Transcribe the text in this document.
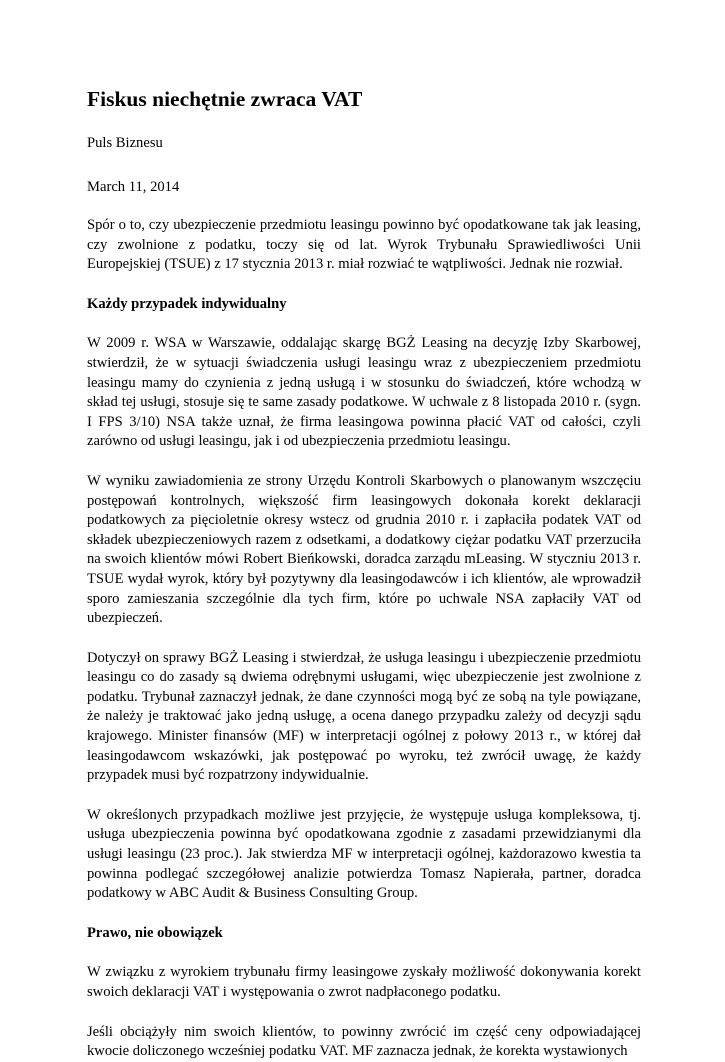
Fiskus niechętnie zwraca VAT

Puls Biznesu

March 11, 2014

Spór o to, czy ubezpieczenie przedmiotu leasingu powinno być opodatkowane tak jak leasing, czy zwolnione z podatku, toczy się od lat. Wyrok Trybunału Sprawiedliwości Unii Europejskiej (TSUE) z 17 stycznia 2013 r. miał rozwiać te wątpliwości. Jednak nie rozwiał.

Każdy przypadek indywidualny

W 2009 r. WSA w Warszawie, oddalając skargę BGŻ Leasing na decyzję Izby Skarbowej, stwierdził, że w sytuacji świadczenia usługi leasingu wraz z ubezpieczeniem przedmiotu leasingu mamy do czynienia z jedną usługą i w stosunku do świadczeń, które wchodzą w skład tej usługi, stosuje się te same zasady podatkowe. W uchwale z 8 listopada 2010 r. (sygn. I FPS 3/10) NSA także uznał, że firma leasingowa powinna płacić VAT od całości, czyli zarówno od usługi leasingu, jak i od ubezpieczenia przedmiotu leasingu.

W wyniku zawiadomienia ze strony Urzędu Kontroli Skarbowych o planowanym wszczęciu postępowań kontrolnych, większość firm leasingowych dokonała korekt deklaracji podatkowych za pięcioletnie okresy wstecz od grudnia 2010 r. i zapłaciła podatek VAT od składek ubezpieczeniowych razem z odsetkami, a dodatkowy ciężar podatku VAT przerzuciła na swoich klientów mówi Robert Bieńkowski, doradca zarządu mLeasing. W styczniu 2013 r. TSUE wydał wyrok, który był pozytywny dla leasingodawców i ich klientów, ale wprowadził sporo zamieszania szczególnie dla tych firm, które po uchwale NSA zapłaciły VAT od ubezpieczeń.

Dotyczył on sprawy BGŻ Leasing i stwierdzał, że usługa leasingu i ubezpieczenie przedmiotu leasingu co do zasady są dwiema odrębnymi usługami, więc ubezpieczenie jest zwolnione z podatku. Trybunał zaznaczył jednak, że dane czynności mogą być ze sobą na tyle powiązane, że należy je traktować jako jedną usługę, a ocena danego przypadku zależy od decyzji sądu krajowego. Minister finansów (MF) w interpretacji ogólnej z połowy 2013 r., w której dał leasingodawcom wskazówki, jak postępować po wyroku, też zwrócił uwagę, że każdy przypadek musi być rozpatrzony indywidualnie.

W określonych przypadkach możliwe jest przyjęcie, że występuje usługa kompleksowa, tj. usługa ubezpieczenia powinna być opodatkowana zgodnie z zasadami przewidzianymi dla usługi leasingu (23 proc.). Jak stwierdza MF w interpretacji ogólnej, każdorazowo kwestia ta powinna podlegać szczegółowej analizie potwierdza Tomasz Napierała, partner, doradca podatkowy w ABC Audit & Business Consulting Group.

Prawo, nie obowiązek

W związku z wyrokiem trybunału firmy leasingowe zyskały możliwość dokonywania korekt swoich deklaracji VAT i występowania o zwrot nadpłaconego podatku.

Jeśli obciążyły nim swoich klientów, to powinny zwrócić im część ceny odpowiadającej kwocie doliczonego wcześniej podatku VAT. MF zaznacza jednak, że korekta wystawionych
